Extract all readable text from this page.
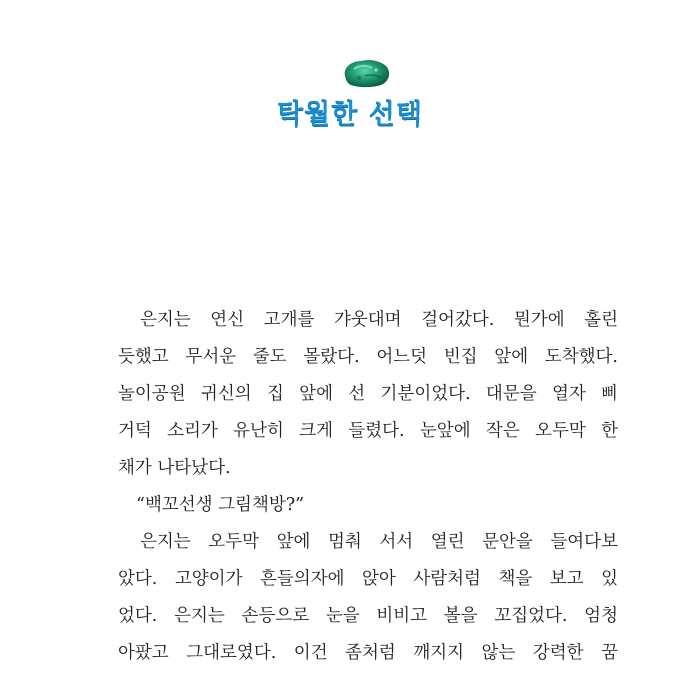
탁월한 선택
은지는 연신 고개를 갸웃대며 걸어갔다. 뭔가에 홀린
듯했고 무서운 줄도 몰랐다. 어느덧 빈집 앞에 도착했다.
놀이공원 귀신의 집 앞에 선 기분이었다. 대문을 열자 삐
거덕 소리가 유난히 크게 들렸다. 눈앞에 작은 오두막 한
채가 나타났다.
“백꼬선생 그림책방?”
은지는 오두막 앞에 멈춰 서서 열린 문안을 들여다보
았다. 고양이가 흔들의자에 앉아 사람처럼 책을 보고 있
었다. 은지는 손등으로 눈을 비비고 볼을 꼬집었다. 엄청
아팠고 그대로였다. 이건 좀처럼 깨지지 않는 강력한 꿈
